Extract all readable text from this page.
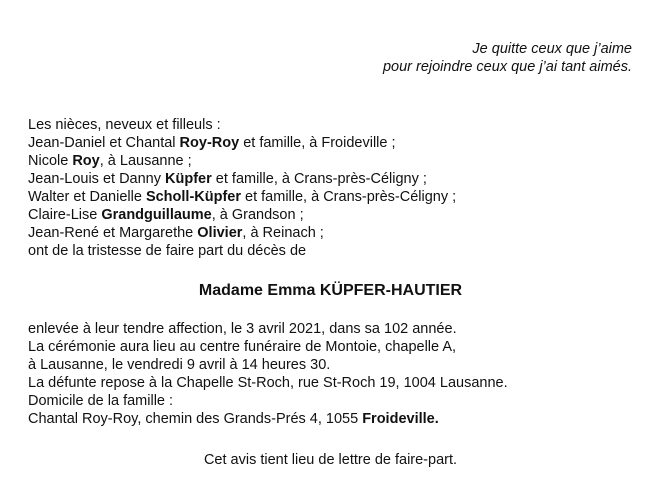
Je quitte ceux que j’aime
pour rejoindre ceux que j’ai tant aimés.
Les nièces, neveux et filleuls :
Jean-Daniel et Chantal Roy-Roy et famille, à Froideville ;
Nicole Roy, à Lausanne ;
Jean-Louis et Danny Küpfer et famille, à Crans-près-Céligny ;
Walter et Danielle Scholl-Küpfer et famille, à Crans-près-Céligny ;
Claire-Lise Grandguillaume, à Grandson ;
Jean-René et Margarethe Olivier, à Reinach ;
ont de la tristesse de faire part du décès de
Madame Emma KÜPFER-HAUTIER
enlevée à leur tendre affection, le 3 avril 2021, dans sa 102 année.
La cérémonie aura lieu au centre funéraire de Montoie, chapelle A,
à Lausanne, le vendredi 9 avril à 14 heures 30.
La défunte repose à la Chapelle St-Roch, rue St-Roch 19, 1004 Lausanne.
Domicile de la famille :
Chantal Roy-Roy, chemin des Grands-Prés 4, 1055 Froideville.
Cet avis tient lieu de lettre de faire-part.
